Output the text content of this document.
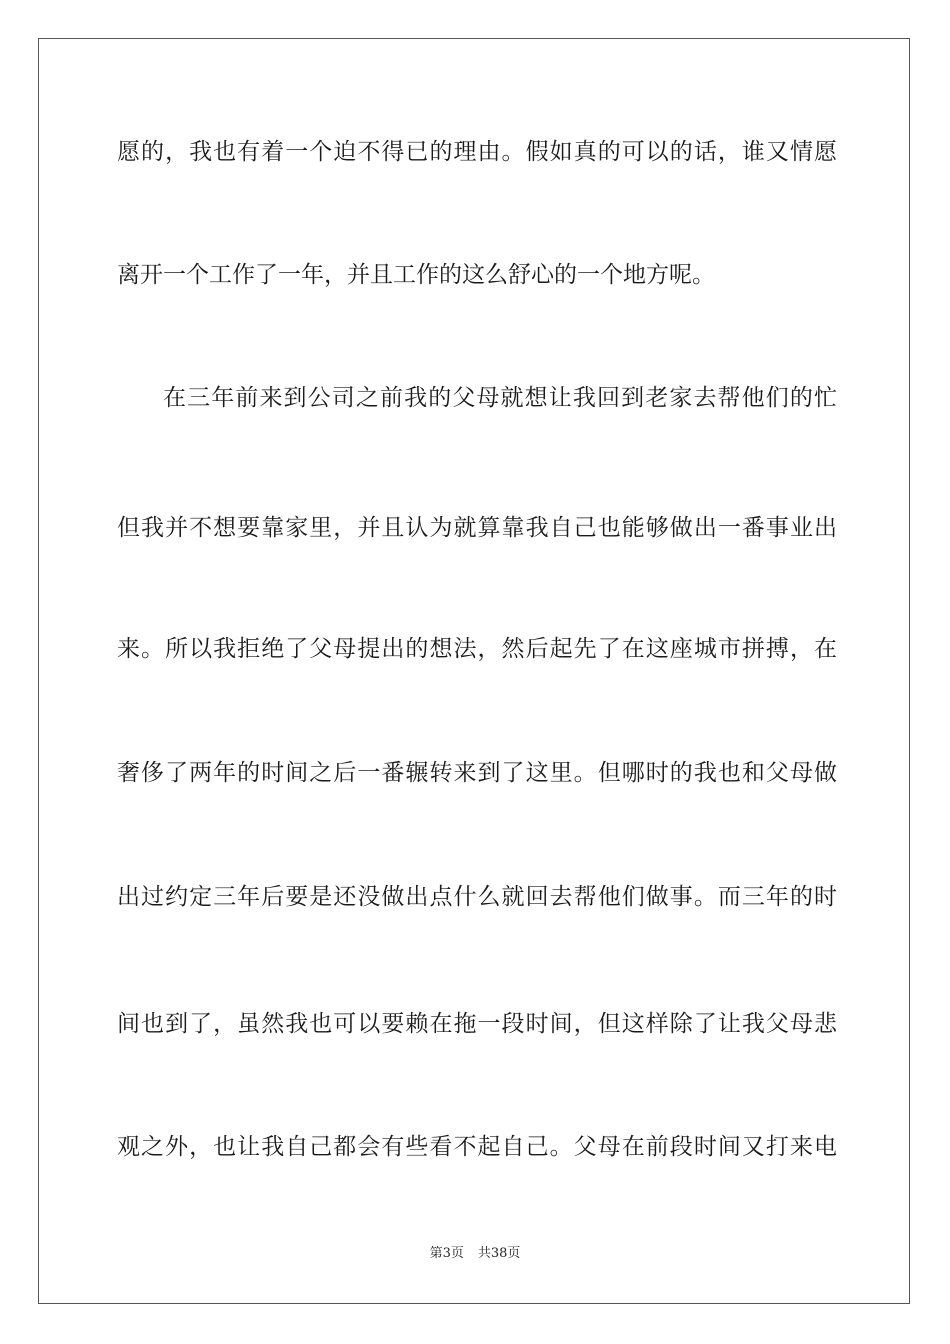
愿的，我也有着一个迫不得已的理由。假如真的可以的话，谁又情愿
离开一个工作了一年，并且工作的这么舒心的一个地方呢。
在三年前来到公司之前我的父母就想让我回到老家去帮他们的忙
但我并不想要靠家里，并且认为就算靠我自己也能够做出一番事业出
来。所以我拒绝了父母提出的想法，然后起先了在这座城市拼搏，在
奢侈了两年的时间之后一番辗转来到了这里。但哪时的我也和父母做
出过约定三年后要是还没做出点什么就回去帮他们做事。而三年的时
间也到了，虽然我也可以要赖在拖一段时间，但这样除了让我父母悲
观之外，也让我自己都会有些看不起自己。父母在前段时间又打来电
第3页 共38页
